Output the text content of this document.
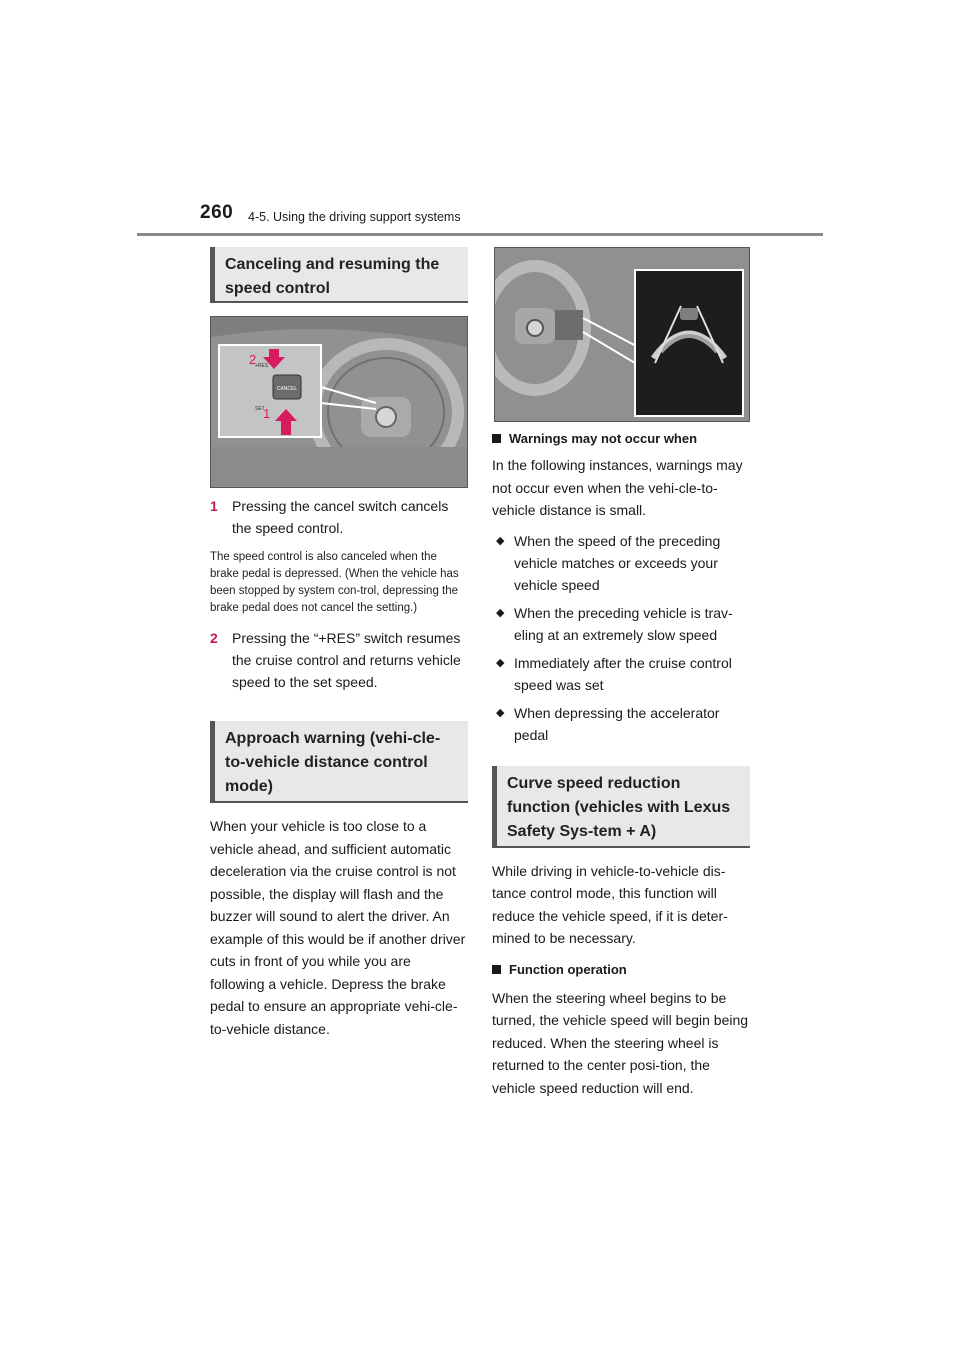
260 4-5. Using the driving support systems
Canceling and resuming the speed control
CANCEL
+RES
SET
2
1
1	Pressing the cancel switch cancels the speed control.
The speed control is also canceled when the brake pedal is depressed. (When the vehicle has been stopped by system con-trol, depressing the brake pedal does not cancel the setting.)
2	Pressing the “+RES” switch resumes the cruise control and returns vehicle speed to the set speed.
Approach warning (vehi-cle-to-vehicle distance control mode)
When your vehicle is too close to a vehicle ahead, and sufficient automatic deceleration via the cruise control is not possible, the display will flash and the buzzer will sound to alert the driver. An example of this would be if another driver cuts in front of you while you are following a vehicle. Depress the brake pedal to ensure an appropriate vehi-cle-to-vehicle distance.
Warnings may not occur when
In the following instances, warnings may not occur even when the vehi-cle-to-vehicle distance is small.
◆ When the speed of the preceding vehicle matches or exceeds your vehicle speed
◆ When the preceding vehicle is trav-eling at an extremely slow speed
◆ Immediately after the cruise control speed was set
◆ When depressing the accelerator pedal
Curve speed reduction function (vehicles with Lexus Safety Sys-tem + A)
While driving in vehicle-to-vehicle dis-tance control mode, this function will reduce the vehicle speed, if it is deter-mined to be necessary.
Function operation
When the steering wheel begins to be turned, the vehicle speed will begin being reduced. When the steering wheel is returned to the center posi-tion, the vehicle speed reduction will end.
